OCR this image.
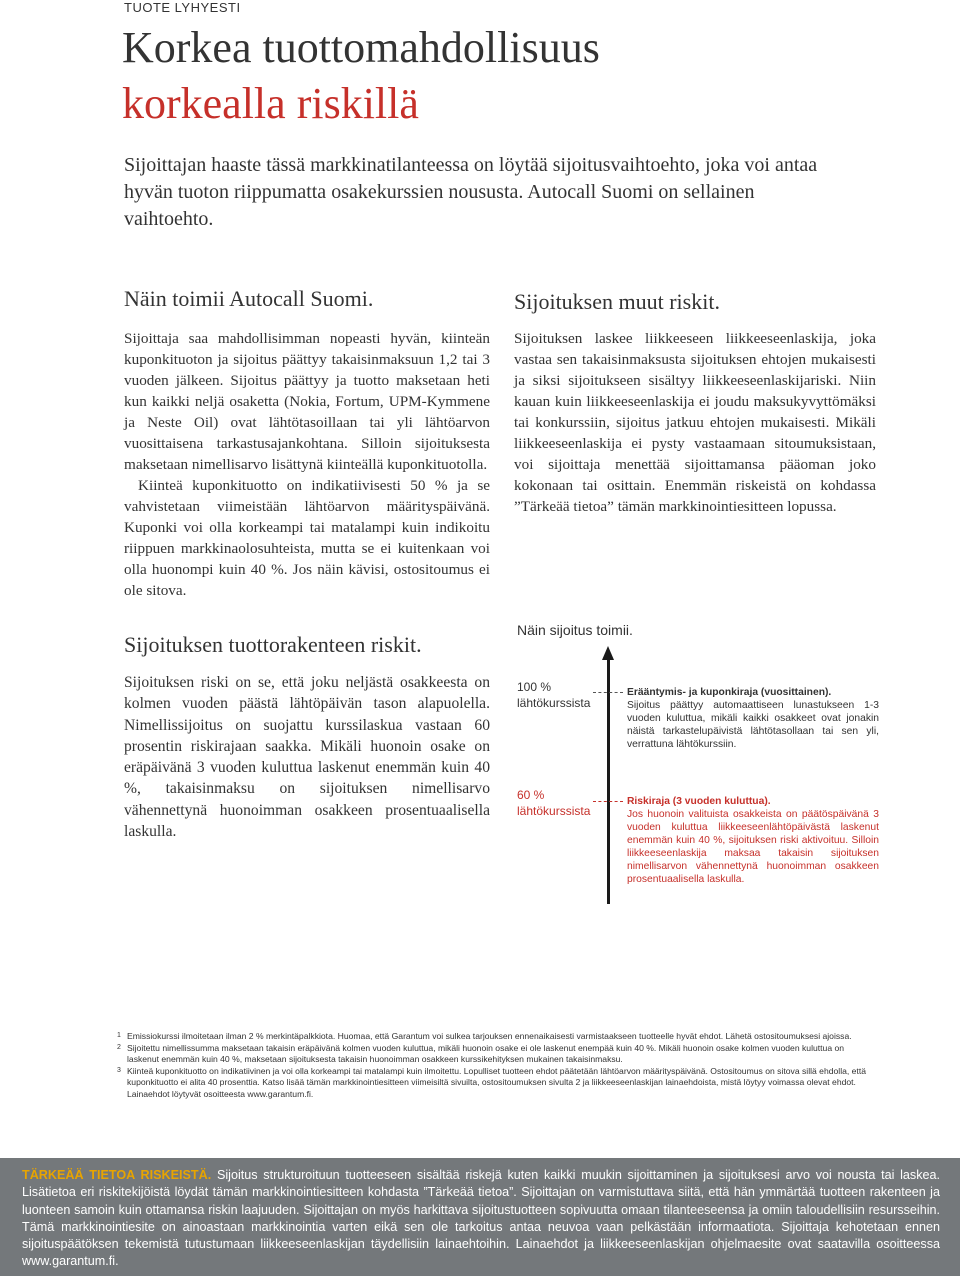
TUOTE LYHYESTI
Korkea tuottomahdollisuus
korkealla riskillä
Sijoittajan haaste tässä markkinatilanteessa on löytää sijoitusvaihtoehto, joka voi antaa hyvän tuoton riippumatta osakekurssien noususta. Autocall Suomi on sellainen vaihtoehto.
Näin toimii Autocall Suomi.

Sijoittaja saa mahdollisimman nopeasti hyvän, kiinteän kuponkituoton ja sijoitus päättyy takaisinmaksuun 1,2 tai 3 vuoden jälkeen. Sijoitus päättyy ja tuotto maksetaan heti kun kaikki neljä osaketta (Nokia, Fortum, UPM-Kymmene ja Neste Oil) ovat lähtötasoillaan tai yli lähtöarvon vuosittaisena tarkastusajankohtana. Silloin sijoituksesta maksetaan nimellisarvo lisättynä kiinteällä kuponkituotolla.

Kiinteä kuponkituotto on indikatiivisesti 50 % ja se vahvistetaan viimeistään lähtöarvon määrityspäivänä. Kuponki voi olla korkeampi tai matalampi kuin indikoitu riippuen markkinaolosuhteista, mutta se ei kuitenkaan voi olla huonompi kuin 40 %. Jos näin kävisi, ostositoumus ei ole sitova.

Sijoituksen tuottorakenteen riskit.
Sijoituksen riski on se, että joku neljästä osakkeesta on kolmen vuoden päästä lähtöpäivän tason alapuolella. Nimellissijoitus on suojattu kurssilaskua vastaan 60 prosentin riskirajaan saakka. Mikäli huonoin osake on eräpäivänä 3 vuoden kuluttua laskenut enemmän kuin 40 %, takaisinmaksu on sijoituksen nimellisarvo vähennettynä huonoimman osakkeen prosentuaalisella laskulla.
Sijoituksen muut riskit.
Sijoituksen laskee liikkeeseen liikkeeseenlaskija, joka vastaa sen takaisinmaksusta sijoituksen ehtojen mukaisesti ja siksi sijoitukseen sisältyy liikkeeseenlaskijariski. Niin kauan kuin liikkeeseenlaskija ei joudu maksukyvyttömäksi tai konkurssiin, sijoitus jatkuu ehtojen mukaisesti. Mikäli liikkeeseenlaskija ei pysty vastaamaan sitoumuksistaan, voi sijoittaja menettää sijoittamansa pääoman joko kokonaan tai osittain. Enemmän riskeistä on kohdassa ”Tärkeää tietoa” tämän markkinointiesitteen lopussa.
Näin sijoitus toimii.
100 % lähtökurssista
Erääntymis- ja kuponkiraja (vuosittainen).
Sijoitus päättyy automaattiseen lunastukseen 1-3 vuoden kuluttua, mikäli kaikki osakkeet ovat jonakin näistä tarkastelupäivistä lähtötasollaan tai sen yli, verrattuna lähtökurssiin.
60 % lähtökurssista
Riskiraja (3 vuoden kuluttua).
Jos huonoin valituista osakkeista on päätöspäivänä 3 vuoden kuluttua liikkeeseenlähtöpäivästä laskenut enemmän kuin 40 %, sijoituksen riski aktivoituu. Silloin liikkeeseenlaskija maksaa takaisin sijoituksen nimellisarvon vähennettynä huonoimman osakkeen prosentuaalisella laskulla.
1 Emissiokurssi ilmoitetaan ilman 2 % merkintäpalkkiota. Huomaa, että Garantum voi sulkea tarjouksen ennenaikaisesti varmistaakseen tuotteelle hyvät ehdot. Lähetä ostositoumuksesi ajoissa.
2 Sijoitettu nimellissumma maksetaan takaisin eräpäivänä kolmen vuoden kuluttua, mikäli huonoin osake ei ole laskenut enempää kuin 40 %. Mikäli huonoin osake kolmen vuoden kuluttua on laskenut enemmän kuin 40 %, maksetaan sijoituksesta takaisin huonoimman osakkeen kurssikehityksen mukainen takaisinmaksu.
3 Kiinteä kuponkituotto on indikatiivinen ja voi olla korkeampi tai matalampi kuin ilmoitettu. Lopulliset tuotteen ehdot päätetään lähtöarvon määrityspäivänä. Ostositoumus on sitova sillä ehdolla, että kuponkituotto ei alita 40 prosenttia. Katso lisää tämän markkinointiesitteen viimeisiltä sivuilta, ostositoumuksen sivulta 2 ja liikkeeseenlaskijan lainaehdoista, mistä löytyy voimassa olevat ehdot. Lainaehdot löytyvät osoitteesta www.garantum.fi.
TÄRKEÄÄ TIETOA RISKEISTÄ. Sijoitus strukturoituun tuotteeseen sisältää riskejä kuten kaikki muukin sijoittaminen ja sijoituksesi arvo voi nousta tai laskea. Lisätietoa eri riskitekijöistä löydät tämän markkinointiesitteen kohdasta ”Tärkeää tietoa”. Sijoittajan on varmistuttava siitä, että hän ymmärtää tuotteen rakenteen ja luonteen samoin kuin ottamansa riskin laajuuden. Sijoittajan on myös harkittava sijoitustuotteen sopivuutta omaan tilanteeseensa ja omiin taloudellisiin resursseihin. Tämä markkinointiesite on ainoastaan markkinointia varten eikä sen ole tarkoitus antaa neuvoa vaan pelkästään informaatiota. Sijoittaja kehotetaan ennen sijoituspäätöksen tekemistä tutustumaan liikkeeseenlaskijan täydellisiin lainaehtoihin. Lainaehdot ja liikkeeseenlaskijan ohjelmaesite ovat saatavilla osoitteessa www.garantum.fi.
